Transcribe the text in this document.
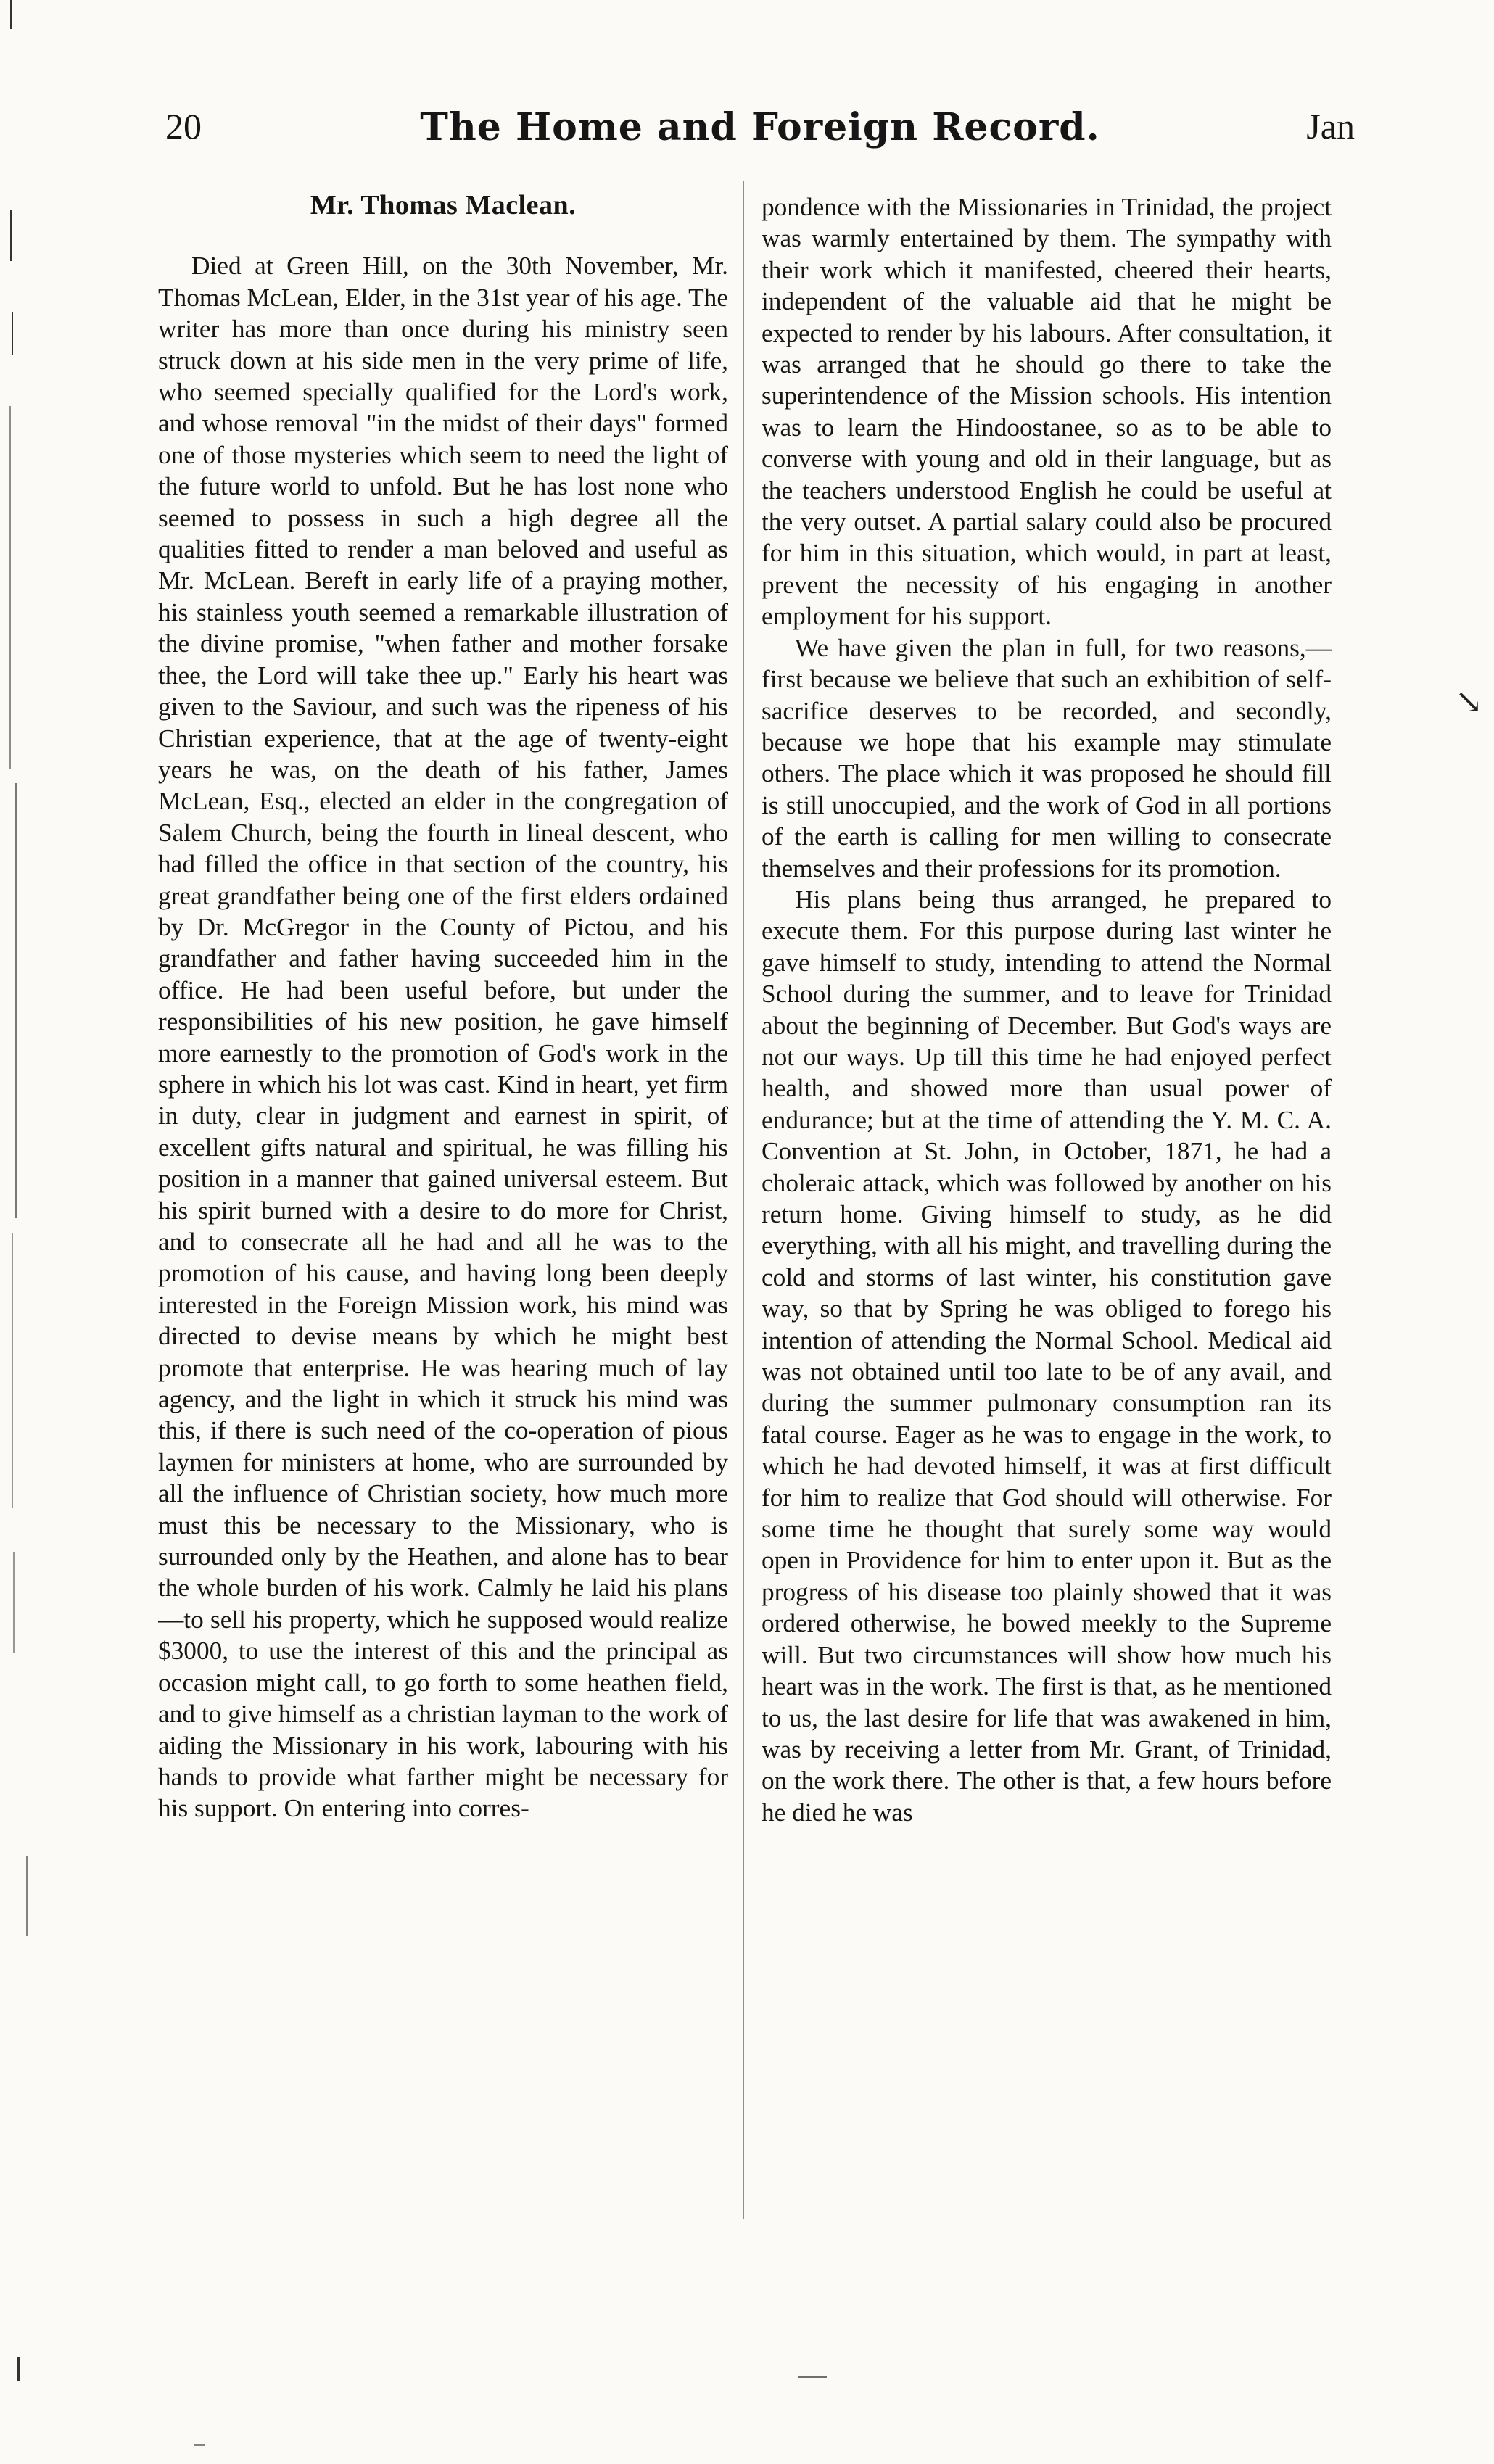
20	The Home and Foreign Record.	Jan
Mr. Thomas Maclean.

Died at Green Hill, on the 30th November, Mr. Thomas McLean, Elder, in the 31st year of his age. The writer has more than once during his ministry seen struck down at his side men in the very prime of life, who seemed specially qualified for the Lord's work, and whose removal "in the midst of their days" formed one of those mysteries which seem to need the light of the future world to unfold. But he has lost none who seemed to possess in such a high degree all the qualities fitted to render a man beloved and useful as Mr. McLean. Bereft in early life of a praying mother, his stainless youth seemed a remarkable illustration of the divine promise, "when father and mother forsake thee, the Lord will take thee up." Early his heart was given to the Saviour, and such was the ripeness of his Christian experience, that at the age of twenty-eight years he was, on the death of his father, James McLean, Esq., elected an elder in the congregation of Salem Church, being the fourth in lineal descent, who had filled the office in that section of the country, his great grandfather being one of the first elders ordained by Dr. McGregor in the County of Pictou, and his grandfather and father having succeeded him in the office. He had been useful before, but under the responsibilities of his new position, he gave himself more earnestly to the promotion of God's work in the sphere in which his lot was cast. Kind in heart, yet firm in duty, clear in judgment and earnest in spirit, of excellent gifts natural and spiritual, he was filling his position in a manner that gained universal esteem. But his spirit burned with a desire to do more for Christ, and to consecrate all he had and all he was to the promotion of his cause, and having long been deeply interested in the Foreign Mission work, his mind was directed to devise means by which he might best promote that enterprise. He was hearing much of lay agency, and the light in which it struck his mind was this, if there is such need of the co-operation of pious laymen for ministers at home, who are surrounded by all the influence of Christian society, how much more must this be necessary to the Missionary, who is surrounded only by the Heathen, and alone has to bear the whole burden of his work. Calmly he laid his plans—to sell his property, which he supposed would realize $3000, to use the interest of this and the principal as occasion might call, to go forth to some heathen field, and to give himself as a christian layman to the work of aiding the Missionary in his work, labouring with his hands to provide what farther might be necessary for his support. On entering into corres-

pondence with the Missionaries in Trinidad, the project was warmly entertained by them. The sympathy with their work which it manifested, cheered their hearts, independent of the valuable aid that he might be expected to render by his labours. After consultation, it was arranged that he should go there to take the superintendence of the Mission schools. His intention was to learn the Hindoostanee, so as to be able to converse with young and old in their language, but as the teachers understood English he could be useful at the very outset. A partial salary could also be procured for him in this situation, which would, in part at least, prevent the necessity of his engaging in another employment for his support.

We have given the plan in full, for two reasons,— first because we believe that such an exhibition of self-sacrifice deserves to be recorded, and secondly, because we hope that his example may stimulate others. The place which it was proposed he should fill is still unoccupied, and the work of God in all portions of the earth is calling for men willing to consecrate themselves and their professions for its promotion.

His plans being thus arranged, he prepared to execute them. For this purpose during last winter he gave himself to study, intending to attend the Normal School during the summer, and to leave for Trinidad about the beginning of December. But God's ways are not our ways. Up till this time he had enjoyed perfect health, and showed more than usual power of endurance; but at the time of attending the Y. M. C. A. Convention at St. John, in October, 1871, he had a choleraic attack, which was followed by another on his return home. Giving himself to study, as he did everything, with all his might, and travelling during the cold and storms of last winter, his constitution gave way, so that by Spring he was obliged to forego his intention of attending the Normal School. Medical aid was not obtained until too late to be of any avail, and during the summer pulmonary consumption ran its fatal course. Eager as he was to engage in the work, to which he had devoted himself, it was at first difficult for him to realize that God should will otherwise. For some time he thought that surely some way would open in Providence for him to enter upon it. But as the progress of his disease too plainly showed that it was ordered otherwise, he bowed meekly to the Supreme will. But two circumstances will show how much his heart was in the work. The first is that, as he mentioned to us, the last desire for life that was awakened in him, was by receiving a letter from Mr. Grant, of Trinidad, on the work there. The other is that, a few hours before he died he was

↘
